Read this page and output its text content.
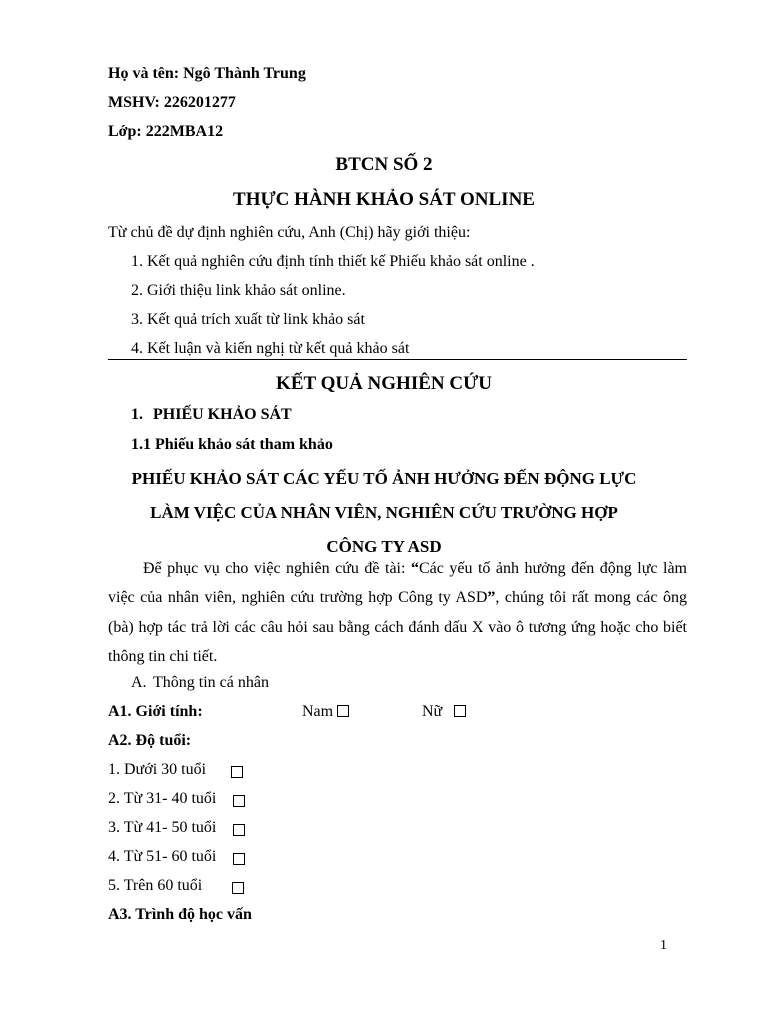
Họ và tên: Ngô Thành Trung
MSHV: 226201277
Lớp: 222MBA12
BTCN SỐ 2
THỰC HÀNH KHẢO SÁT ONLINE
Từ chủ đề dự định nghiên cứu, Anh (Chị) hãy giới thiệu:
1. Kết quả nghiên cứu định tính thiết kế Phiếu khảo sát online .
2. Giới thiệu link khảo sát online.
3. Kết quả trích xuất từ link khảo sát
4. Kết luận và kiến nghị từ kết quả khảo sát
KẾT QUẢ NGHIÊN CỨU
1. PHIẾU KHẢO SÁT
1.1 Phiếu khảo sát tham khảo
PHIẾU KHẢO SÁT CÁC YẾU TỐ ẢNH HƯỞNG ĐẾN ĐỘNG LỰC
LÀM VIỆC CỦA NHÂN VIÊN, NGHIÊN CỨU TRƯỜNG HỢP
CÔNG TY ASD
Để phục vụ cho việc nghiên cứu đề tài: “Các yếu tố ảnh hưởng đến động lực làm việc của nhân viên, nghiên cứu trường hợp Công ty ASD”, chúng tôi rất mong các ông (bà) hợp tác trả lời các câu hỏi sau bằng cách đánh dấu X vào ô tương ứng hoặc cho biết thông tin chi tiết.
A. Thông tin cá nhân
A1. Giới tính:	Nam	Nữ
A2. Độ tuổi:
1. Dưới 30 tuổi
2. Từ 31- 40 tuổi
3. Từ 41- 50 tuổi
4. Từ 51- 60 tuổi
5. Trên 60 tuổi
A3. Trình độ học vấn
1
